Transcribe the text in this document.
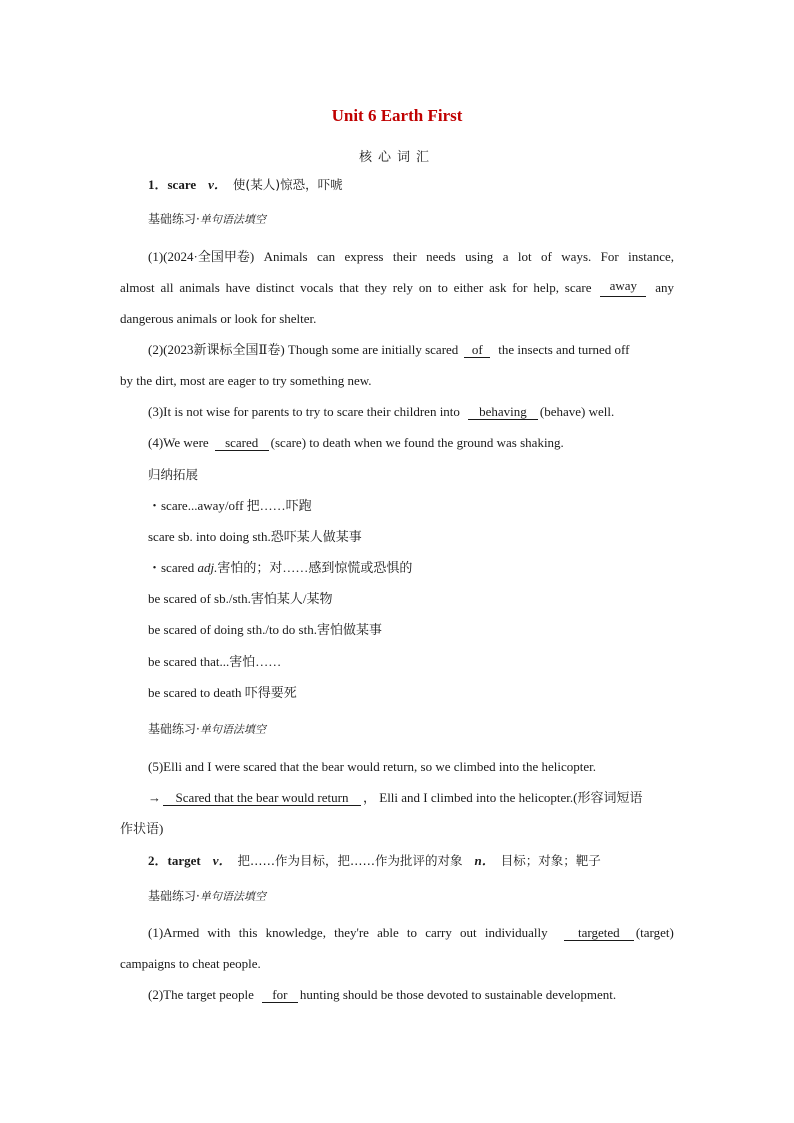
Unit 6 Earth First
核心词汇
1．scare v． 使(某人)惊恐，吓唬
基础练习·单句语法填空
(1)(2024·全国甲卷) Animals can express their needs using a lot of ways. For instance,
almost all animals have distinct vocals that they rely on to either ask for help, scare	away	any
dangerous animals or look for shelter.
(2)(2023新课标全国Ⅱ卷) Though some are initially scared of the insects and turned off
by the dirt, most are eager to try something new.
(3)It is not wise for parents to try to scare their children into behaving (behave) well.
(4)We were scared (scare) to death when we found the ground was shaking.
归纳拓展
・scare...away/off 把……吓跑
scare sb. into doing sth.恐吓某人做某事
・scared adj.害怕的；对……感到惊慌或恐惧的
be scared of sb./sth.害怕某人/某物
be scared of doing sth./to do sth.害怕做某事
be scared that...害怕……
be scared to death 吓得要死
基础练习·单句语法填空
(5)Elli and I were scared that the bear would return, so we climbed into the helicopter.
→ Scared that the bear would return ， Elli and I climbed into the helicopter.(形容词短语
作状语)
2．target v． 把……作为目标，把……作为批评的对象 n． 目标；对象；靶子
基础练习·单句语法填空
(1)Armed with this knowledge, they're able to carry out individually	targeted (target)
campaigns to cheat people.
(2)The target people for hunting should be those devoted to sustainable development.
